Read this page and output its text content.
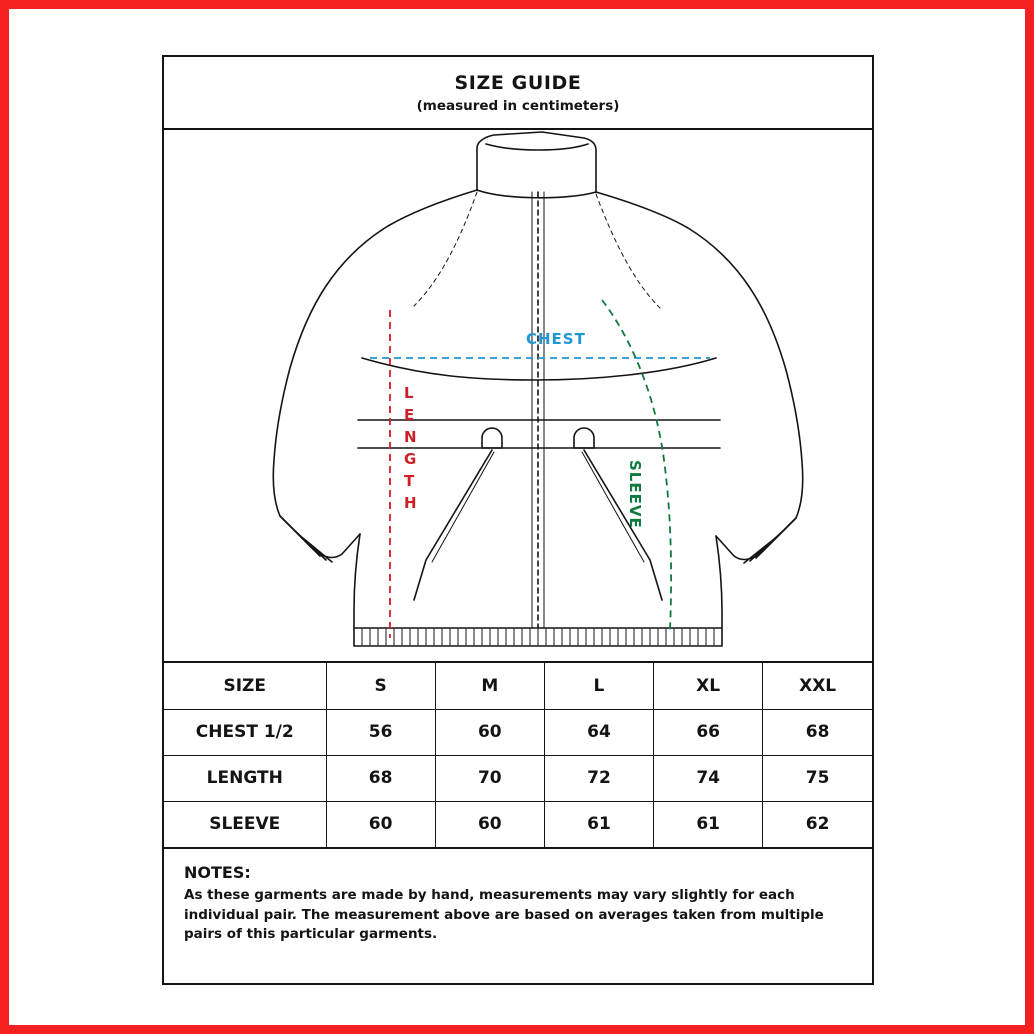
SIZE GUIDE
(measured in centimeters)
CHEST
L
E
N
G
T
H	SLEEVE
SIZE	S	M	L	XL	XXL
CHEST 1/2	56	60	64	66	68
LENGTH	68	70	72	74	75
SLEEVE	60	60	61	61	62
NOTES:
As these garments are made by hand, measurements may vary slightly for each individual pair. The measurement above are based on averages taken from multiple pairs of this particular garments.
